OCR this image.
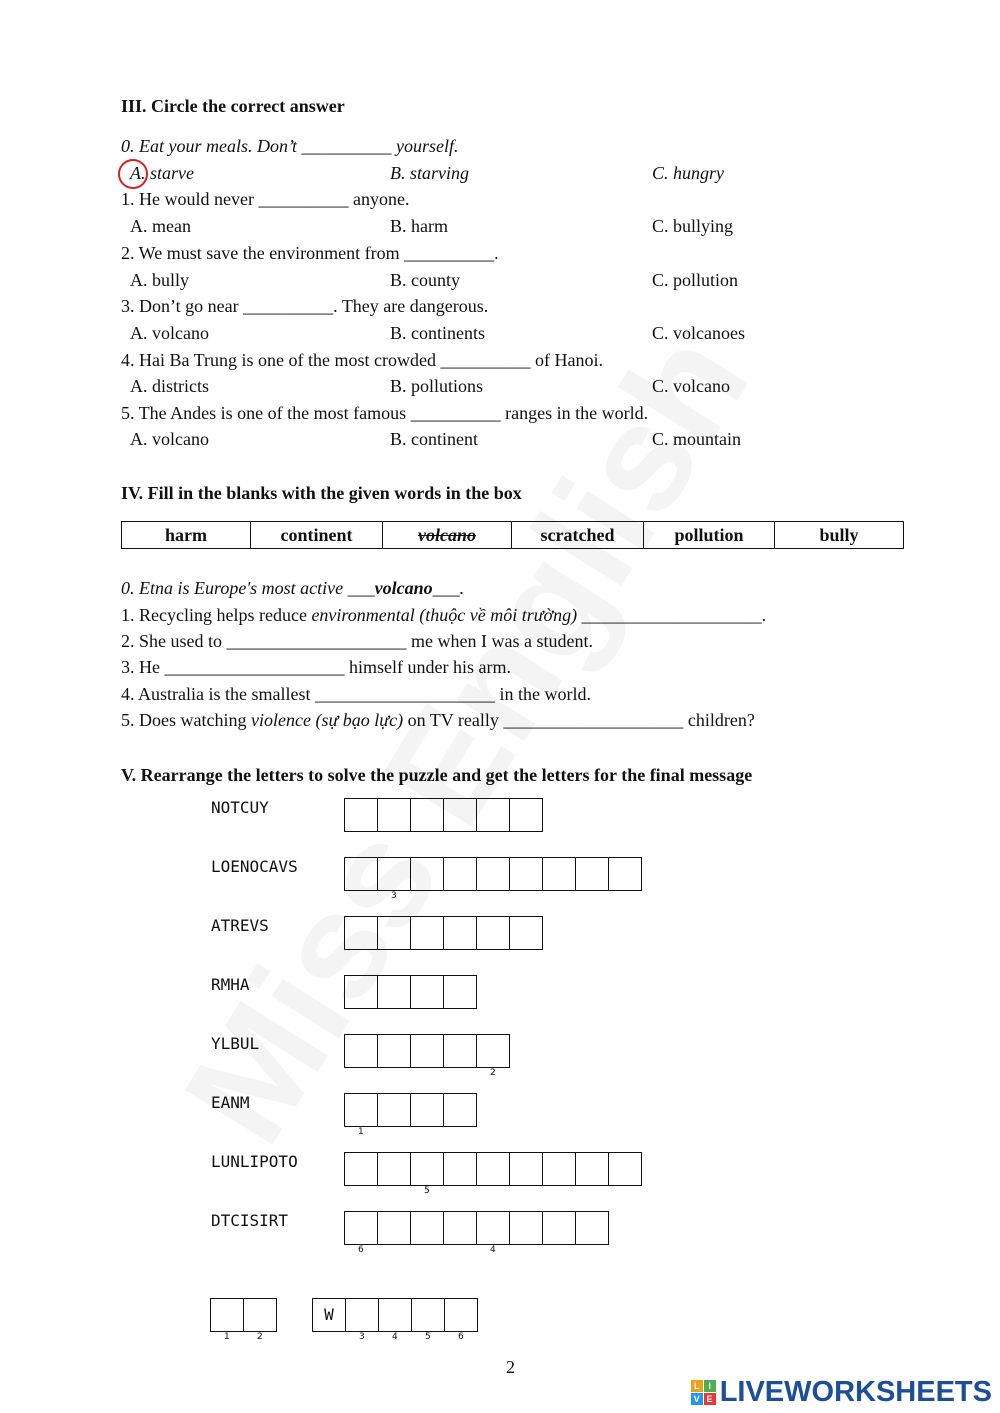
III. Circle the correct answer
0. Eat your meals. Don’t __________ yourself.
A. starve	B. starving	C. hungry
1. He would never __________ anyone.
A. mean	B. harm	C. bullying
2. We must save the environment from __________.
A. bully	B. county	C. pollution
3. Don’t go near __________. They are dangerous.
A. volcano	B. continents	C. volcanoes
4. Hai Ba Trung is one of the most crowded __________ of Hanoi.
A. districts	B. pollutions	C. volcano
5. The Andes is one of the most famous __________ ranges in the world.
A. volcano	B. continent	C. mountain
IV. Fill in the blanks with the given words in the box
harm	continent	volcano	scratched	pollution	bully
0. Etna is Europe's most active ___volcano___.
1. Recycling helps reduce environmental (thuộc về môi trường) ____________________.
2. She used to ____________________ me when I was a student.
3. He ____________________ himself under his arm.
4. Australia is the smallest ____________________ in the world.
5. Does watching violence (sự bạo lực) on TV really ____________________ children?
V. Rearrange the letters to solve the puzzle and get the letters for the final message
NOTCUY
LOENOCAVS
3
ATREVS
RMHA
YLBUL
2
EANM
1
LUNLIPOTO
5
DTCISIRT
6	4
1	2
W
3	4	5	6
2
L I
V E LIVEWORKSHEETS
